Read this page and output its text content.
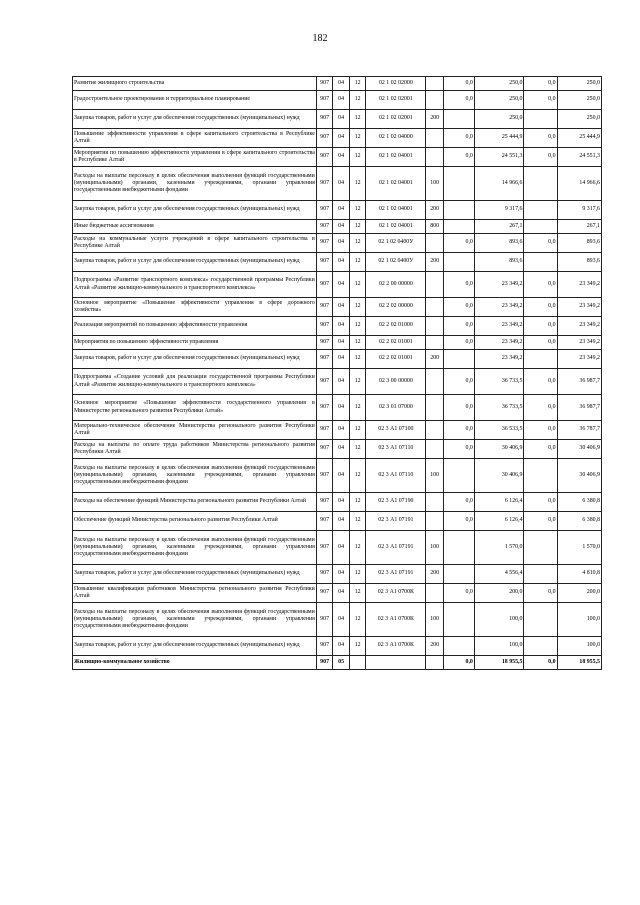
182
Развитие жилищного строительства	907	04	12	02 1 02 02000		0,0	250,0	0,0	250,0
Градостроительное проектирование и территориальное планирование	907	04	12	02 1 02 02001		0,0	250,0	0,0	250,0
Закупка товаров, работ и услуг для обеспечения государственных (муниципальных) нужд	907	04	12	02 1 02 02001	200		250,0		250,0
Повышение эффективности управления в сфере капитального строительства в Республике Алтай	907	04	12	02 1 02 04000		0,0	25 444,9	0,0	25 444,9
Мероприятия по повышению эффективности управления в сфере капитального строительства в Республике Алтай	907	04	12	02 1 02 04001		0,0	24 551,3	0,0	24 551,3
Расходы на выплаты персоналу в целях обеспечения выполнения функций государственными (муниципальными) органами, казенными учреждениями, органами управления государственными внебюджетными фондами	907	04	12	02 1 02 04001	100		14 966,6		14 966,6
Закупка товаров, работ и услуг для обеспечения государственных (муниципальных) нужд	907	04	12	02 1 02 04001	200		9 317,6		9 317,6
Иные бюджетные ассигнования	907	04	12	02 1 02 04001	800		267,1		267,1
Расходы на коммунальные услуги учреждений в сфере капитального строительства в Республике Алтай	907	04	12	02 1 02 0400У		0,0	893,6	0,0	893,6
Закупка товаров, работ и услуг для обеспечения государственных (муниципальных) нужд	907	04	12	02 1 02 0400У	200		893,6		893,6
Подпрограмма «Развитие транспортного комплекса» государственной программы Республики Алтай «Развитие жилищно-коммунального и транспортного комплекса»	907	04	12	02 2 00 00000		0,0	23 349,2	0,0	23 349,2
Основное мероприятие «Повышение эффективности управления в сфере дорожного хозяйства»	907	04	12	02 2 02 00000		0,0	23 349,2	0,0	23 349,2
Реализация мероприятий по повышению эффективности управления	907	04	12	02 2 02 01000		0,0	23 349,2	0,0	23 349,2
Мероприятия по повышению эффективности управления	907	04	12	02 2 02 01001		0,0	23 349,2	0,0	23 349,2
Закупка товаров, работ и услуг для обеспечения государственных (муниципальных) нужд	907	04	12	02 2 02 01001	200		23 349,2		23 349,2
Подпрограмма «Создание условий для реализации государственной программы Республики Алтай «Развитие жилищно-коммунального и транспортного комплекса»	907	04	12	02 3 00 00000		0,0	36 733,5	0,0	36 987,7
Основное мероприятие «Повышение эффективности государственного управления в Министерстве регионального развития Республики Алтай»	907	04	12	02 3 01 07000		0,0	36 733,5	0,0	36 987,7
Материально-техническое обеспечение Министерства регионального развития Республики Алтай	907	04	12	02 3 А1 07100		0,0	36 533,5	0,0	36 787,7
Расходы на выплаты по оплате труда работников Министерства регионального развития Республики Алтай	907	04	12	02 3 А1 07110		0,0	30 406,9	0,0	30 406,9
Расходы на выплаты персоналу в целях обеспечения выполнения функций государственными (муниципальными) органами, казенными учреждениями, органами управления государственными внебюджетными фондами	907	04	12	02 3 А1 07110	100		30 406,9		30 406,9
Расходы на обеспечение функций Министерства регионального развития Республики Алтай	907	04	12	02 3 А1 07190		0,0	6 126,4	0,0	6 380,8
Обеспечение функций Министерства регионального развития Республики Алтай	907	04	12	02 3 А1 07191		0,0	6 126,4	0,0	6 380,8
Расходы на выплаты персоналу в целях обеспечения выполнения функций государственными (муниципальными) органами, казенными учреждениями, органами управления государственными внебюджетными фондами	907	04	12	02 3 А1 07191	100		1 570,0		1 570,0
Закупка товаров, работ и услуг для обеспечения государственных (муниципальных) нужд	907	04	12	02 3 А1 07191	200		4 556,4		4 810,8
Повышение квалификации работников Министерства регионального развития Республики Алтай	907	04	12	02 3 А1 0700К		0,0	200,0	0,0	200,0
Расходы на выплаты персоналу в целях обеспечения выполнения функций государственными (муниципальными) органами, казенными учреждениями, органами управления государственными внебюджетными фондами	907	04	12	02 3 А1 0700К	100		100,0		100,0
Закупка товаров, работ и услуг для обеспечения государственных (муниципальных) нужд	907	04	12	02 3 А1 0700К	200		100,0		100,0
Жилищно-коммунальное хозяйство	907	05				0,0	18 955,5	0,0	18 955,5
